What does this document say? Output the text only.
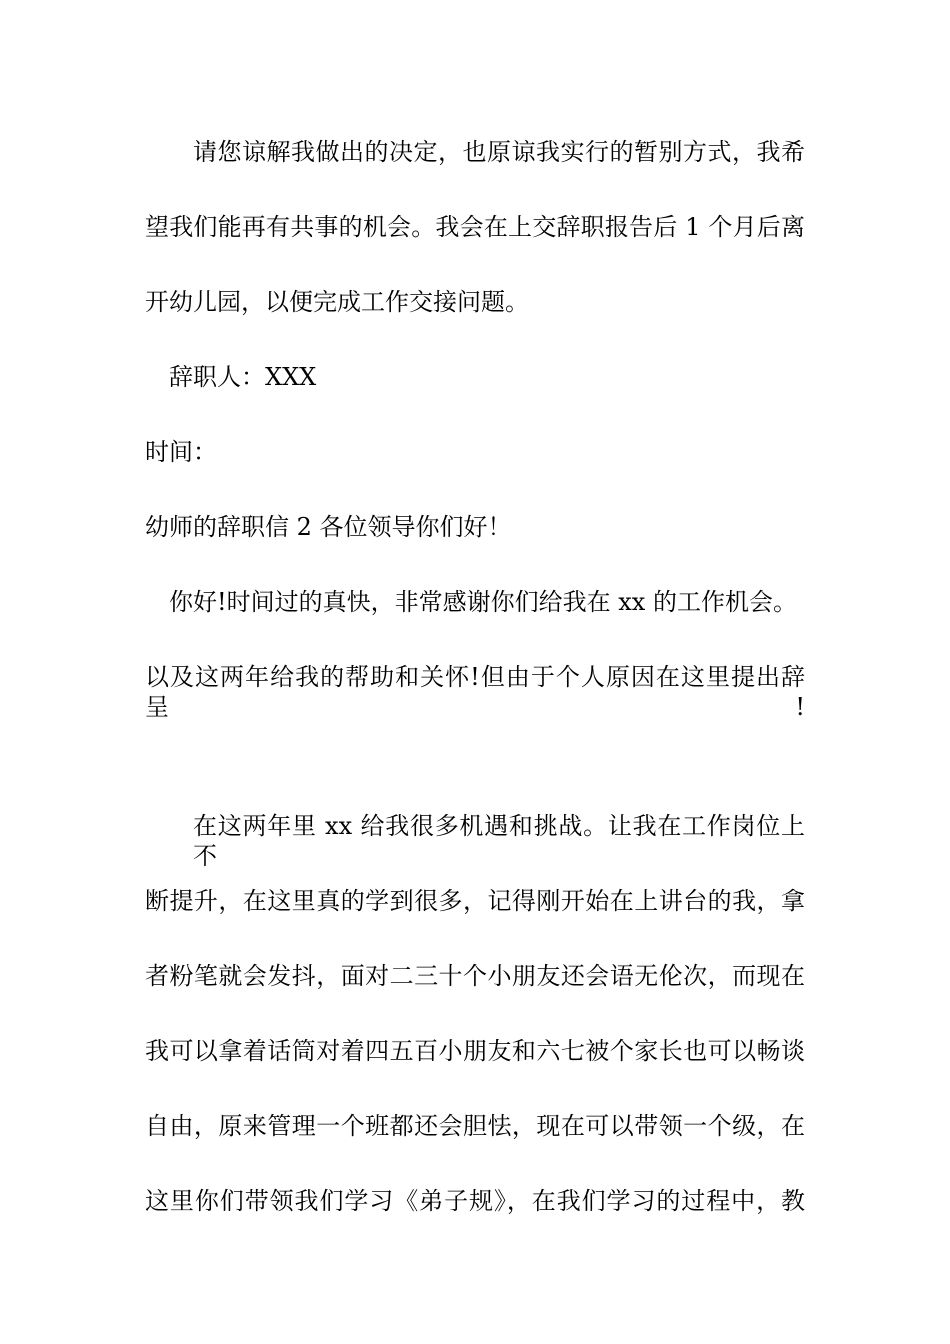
请您谅解我做出的决定，也原谅我实行的暂别方式，我希
望我们能再有共事的机会。我会在上交辞职报告后 1 个月后离
开幼儿园，以便完成工作交接问题。
辞职人：XXX
时间：
幼师的辞职信 2 各位领导你们好！
你好!时间过的真快，非常感谢你们给我在 xx 的工作机会。
以及这两年给我的帮助和关怀!但由于个人原因在这里提出辞呈!
在这两年里 xx 给我很多机遇和挑战。让我在工作岗位上不
断提升，在这里真的学到很多，记得刚开始在上讲台的我，拿
者粉笔就会发抖，面对二三十个小朋友还会语无伦次，而现在
我可以拿着话筒对着四五百小朋友和六七被个家长也可以畅谈
自由，原来管理一个班都还会胆怯，现在可以带领一个级，在
这里你们带领我们学习《弟子规》，在我们学习的过程中，教
